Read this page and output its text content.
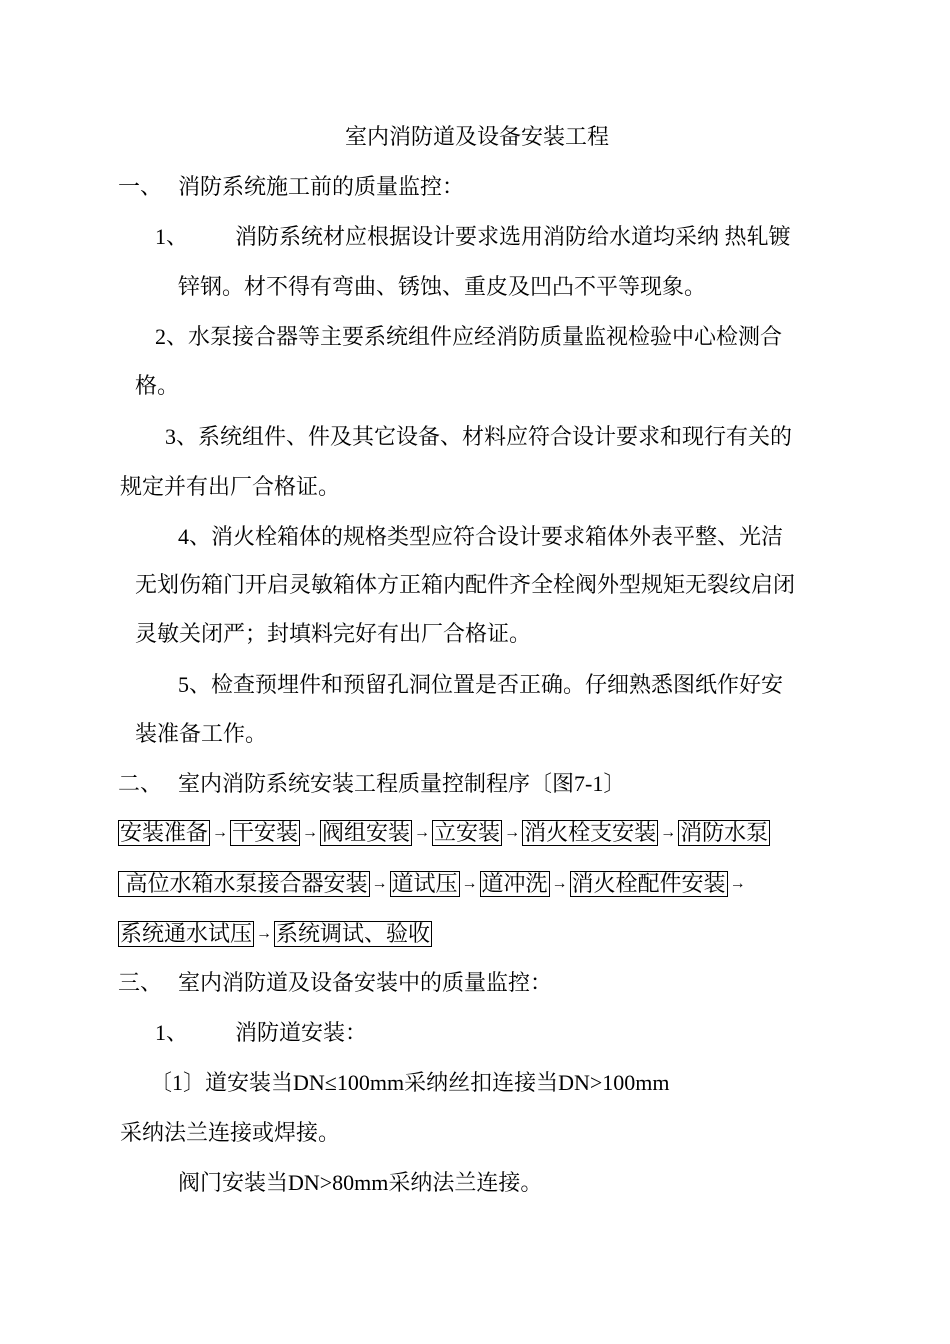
室内消防道及设备安装工程
一、 消防系统施工前的质量监控：
1、 消防系统材应根据设计要求选用消防给水道均采纳 热轧镀
锌钢。材不得有弯曲、锈蚀、重皮及凹凸不平等现象。
2、水泵接合器等主要系统组件应经消防质量监视检验中心检测合
格。
3、系统组件、件及其它设备、材料应符合设计要求和现行有关的
规定并有出厂合格证。
4、消火栓箱体的规格类型应符合设计要求箱体外表平整、光洁
无划伤箱门开启灵敏箱体方正箱内配件齐全栓阀外型规矩无裂纹启闭
灵敏关闭严；封填料完好有出厂合格证。
5、检查预埋件和预留孔洞位置是否正确。仔细熟悉图纸作好安
装准备工作。
二、 室内消防系统安装工程质量控制程序〔图7-1〕
安装准备 → 干安装 → 阀组安装 → 立安装 → 消火栓支安装 → 消防水泵
高位水箱水泵接合器安装 → 道试压 → 道冲洗 → 消火栓配件安装 →
系统通水试压 → 系统调试、验收
三、 室内消防道及设备安装中的质量监控：
1、 消防道安装：
〔1〕道安装当DN≤100mm采纳丝扣连接当DN>100mm
采纳法兰连接或焊接。
阀门安装当DN>80mm采纳法兰连接。
